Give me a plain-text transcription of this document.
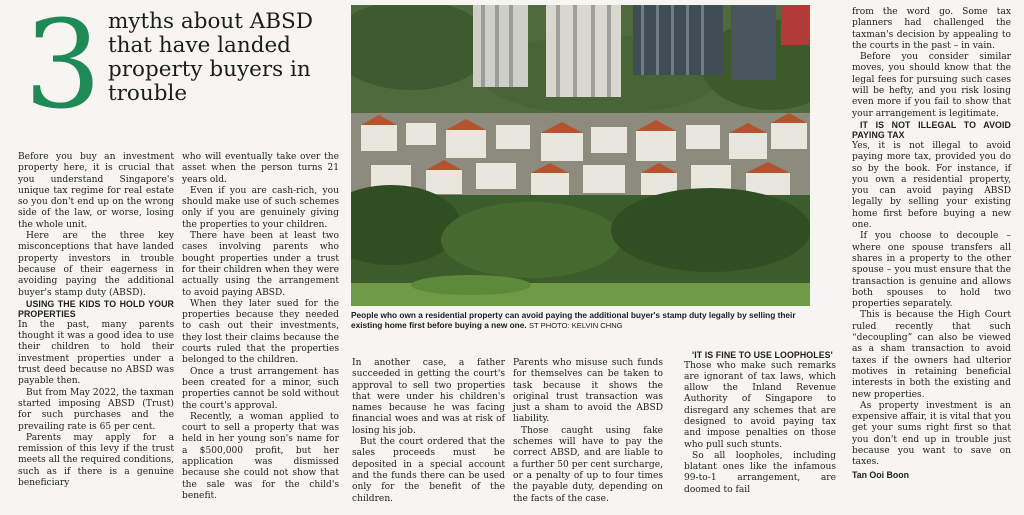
3 myths about ABSD that have landed property buyers in trouble

Before you buy an investment property here, it is crucial that you understand Singapore's unique tax regime for real estate so you don't end up on the wrong side of the law, or worse, losing the whole unit.

Here are the three key misconceptions that have landed property investors in trouble because of their eagerness in avoiding paying the additional buyer's stamp duty (ABSD).

USING THE KIDS TO HOLD YOUR PROPERTIES

In the past, many parents thought it was a good idea to use their children to hold their investment properties under a trust deed because no ABSD was payable then.

But from May 2022, the taxman started imposing ABSD (Trust) for such purchases and the prevailing rate is 65 per cent.

Parents may apply for a remission of this levy if the trust meets all the required conditions, such as if there is a genuine beneficiary

who will eventually take over the asset when the person turns 21 years old.

Even if you are cash-rich, you should make use of such schemes only if you are genuinely giving the properties to your children.

There have been at least two cases involving parents who bought properties under a trust for their children when they were actually using the arrangement to avoid paying ABSD.

When they later sued for the properties because they needed to cash out their investments, they lost their claims because the courts ruled that the properties belonged to the children.

Once a trust arrangement has been created for a minor, such properties cannot be sold without the court's approval.

Recently, a woman applied to court to sell a property that was held in her young son's name for a $500,000 profit, but her application was dismissed because she could not show that the sale was for the child's benefit.

People who own a residential property can avoid paying the additional buyer's stamp duty legally by selling their existing home first before buying a new one. ST PHOTO: KELVIN CHNG

In another case, a father succeeded in getting the court's approval to sell two properties that were under his children's names because he was facing financial woes and was at risk of losing his job.

But the court ordered that the sales proceeds must be deposited in a special account and the funds there can be used only for the benefit of the children.

Parents who misuse such funds for themselves can be taken to task because it shows the original trust transaction was just a sham to avoid the ABSD liability.

Those caught using fake schemes will have to pay the correct ABSD, and are liable to a further 50 per cent surcharge, or a penalty of up to four times the payable duty, depending on the facts of the case.

'IT IS FINE TO USE LOOPHOLES'

Those who make such remarks are ignorant of tax laws, which allow the Inland Revenue Authority of Singapore to disregard any schemes that are designed to avoid paying tax and impose penalties on those who pull such stunts.

So all loopholes, including blatant ones like the infamous 99-to-1 arrangement, are doomed to fail

from the word go. Some tax planners had challenged the taxman's decision by appealing to the courts in the past – in vain.

Before you consider similar moves, you should know that the legal fees for pursuing such cases will be hefty, and you risk losing even more if you fail to show that your arrangement is legitimate.

IT IS NOT ILLEGAL TO AVOID PAYING TAX

Yes, it is not illegal to avoid paying more tax, provided you do so by the book. For instance, if you own a residential property, you can avoid paying ABSD legally by selling your existing home first before buying a new one.

If you choose to decouple – where one spouse transfers all shares in a property to the other spouse – you must ensure that the transaction is genuine and allows both spouses to hold two properties separately.

This is because the High Court ruled recently that such “decoupling” can also be viewed as a sham transaction to avoid taxes if the owners had ulterior motives in retaining beneficial interests in both the existing and new properties.

As property investment is an expensive affair, it is vital that you get your sums right first so that you don't end up in trouble just because you want to save on taxes.

Tan Ooi Boon
